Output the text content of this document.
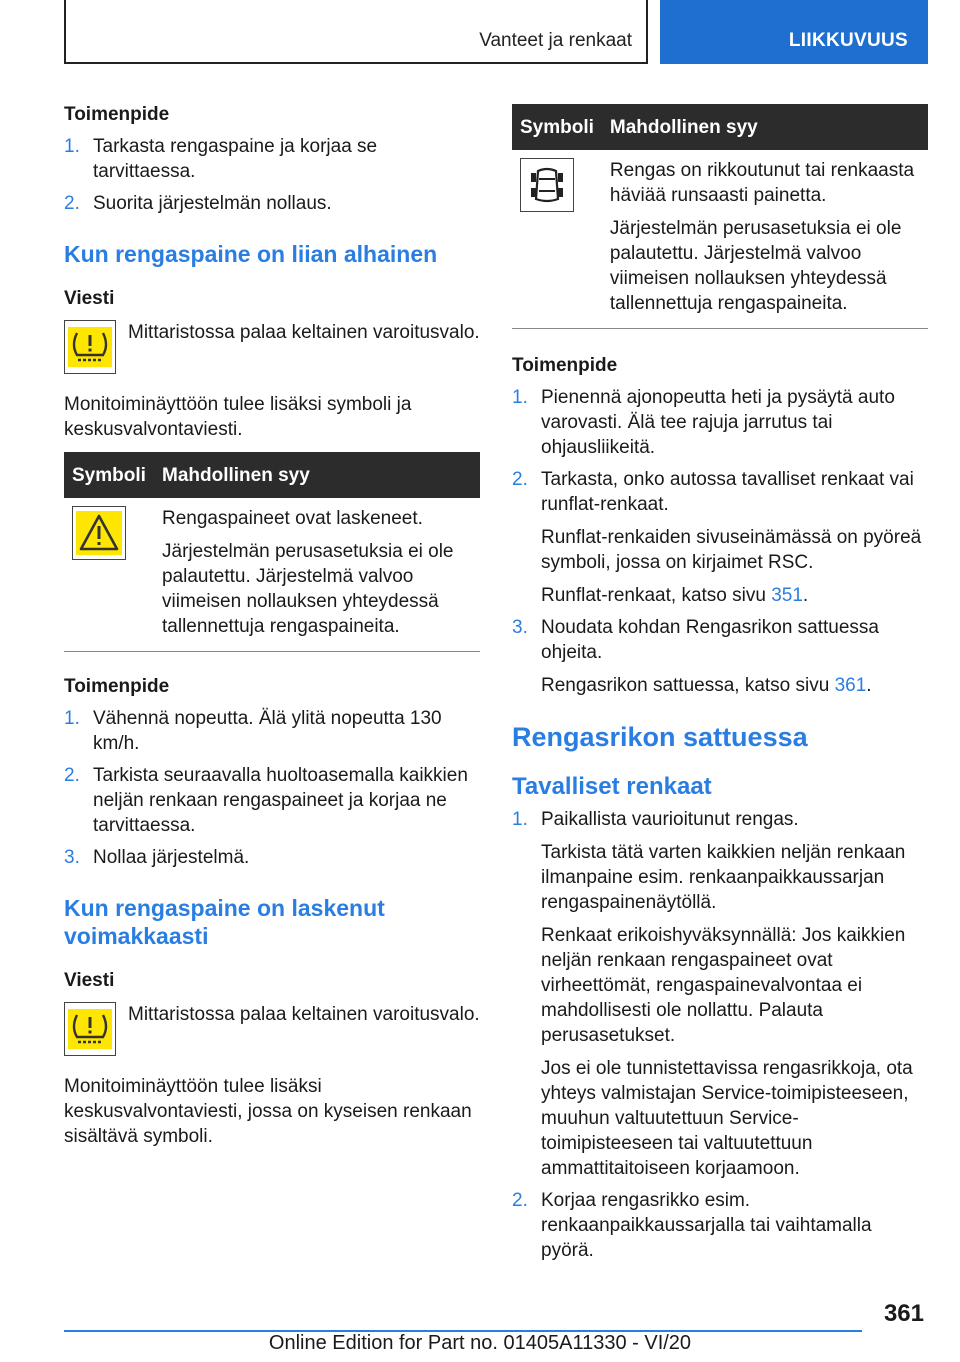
Vanteet ja renkaat	LIIKKUVUUS
Toimenpide
1. Tarkasta rengaspaine ja korjaa se tarvittaessa.
2. Suorita järjestelmän nollaus.
Kun rengaspaine on liian alhainen
Viesti
Mittaristossa palaa keltainen varoitusvalo.
Monitoiminäyttöön tulee lisäksi symboli ja keskusvalvontaviesti.
Symboli	Mahdollinen syy

Rengaspaineet ovat laskeneet.
Järjestelmän perusasetuksia ei ole palautettu. Järjestelmä valvoo viimeisen nollauksen yhteydessä tallennettuja rengaspaineita.
Toimenpide
1. Vähennä nopeutta. Älä ylitä nopeutta 130 km/h.
2. Tarkista seuraavalla huoltoasemalla kaikkien neljän renkaan rengaspaineet ja korjaa ne tarvittaessa.
3. Nollaa järjestelmä.
Kun rengaspaine on laskenut voimakkaasti
Viesti
Mittaristossa palaa keltainen varoitusvalo.
Monitoiminäyttöön tulee lisäksi keskusvalvontaviesti, jossa on kyseisen renkaan sisältävä symboli.
Symboli	Mahdollinen syy

Rengas on rikkoutunut tai renkaasta häviää runsaasti painetta.
Järjestelmän perusasetuksia ei ole palautettu. Järjestelmä valvoo viimeisen nollauksen yhteydessä tallennettuja rengaspaineita.
Toimenpide
1. Pienennä ajonopeutta heti ja pysäytä auto varovasti. Älä tee rajuja jarrutus tai ohjausliikeitä.
2. Tarkasta, onko autossa tavalliset renkaat vai runflat-renkaat.
Runflat-renkaiden sivuseinämässä on pyöreä symboli, jossa on kirjaimet RSC.
Runflat-renkaat, katso sivu 351.
3. Noudata kohdan Rengasrikon sattuessa ohjeita.
Rengasrikon sattuessa, katso sivu 361.
Rengasrikon sattuessa
Tavalliset renkaat
1. Paikallista vaurioitunut rengas.
Tarkista tätä varten kaikkien neljän renkaan ilmanpaine esim. renkaanpaikkaussarjan rengaspainenäytöllä.
Renkaat erikoishyväksynnällä: Jos kaikkien neljän renkaan rengaspaineet ovat virheettömät, rengaspainevalvontaa ei mahdollisesti ole nollattu. Palauta perusasetukset.
Jos ei ole tunnistettavissa rengasrikkoja, ota yhteys valmistajan Service-toimipisteeseen, muuhun valtuutettuun Service-toimipisteeseen tai valtuutettuun ammattitaitoiseen korjaamoon.
2. Korjaa rengasrikko esim. renkaanpaikkaussarjalla tai vaihtamalla pyörä.
361
Online Edition for Part no. 01405A11330 - VI/20
